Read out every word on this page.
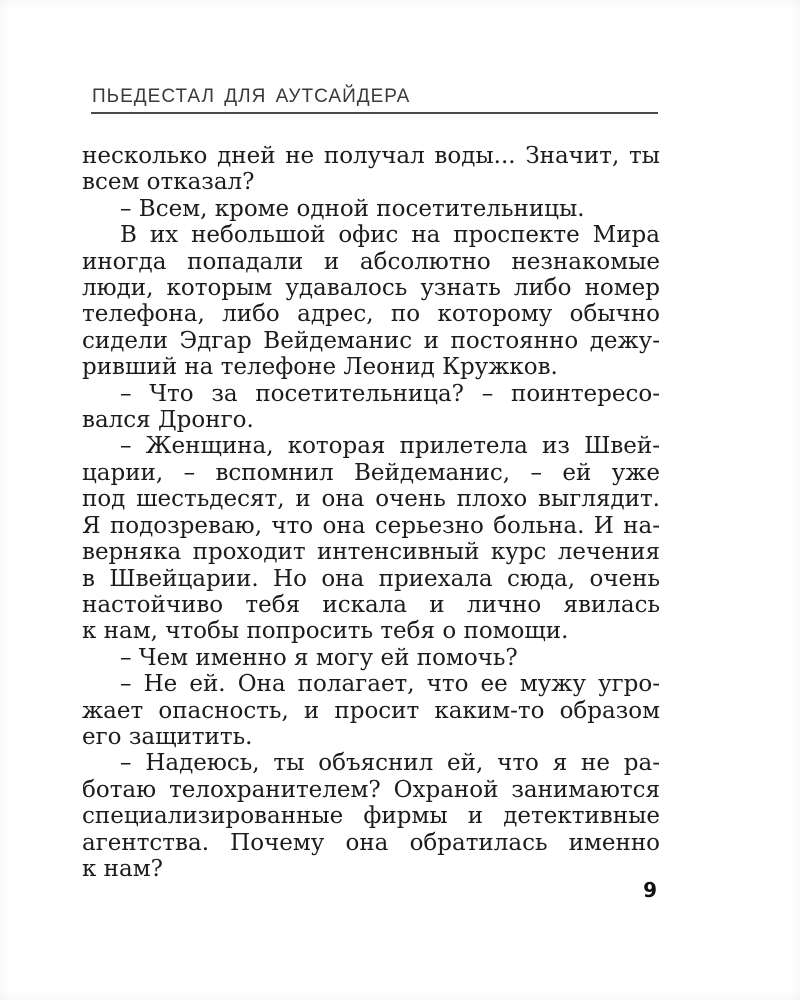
ПЬЕДЕСТАЛ ДЛЯ АУТСАЙДЕРА
несколько дней не получал воды... Значит, ты
всем отказал?
– Всем, кроме одной посетительницы.
В их небольшой офис на проспекте Мира
иногда попадали и абсолютно незнакомые
люди, которым удавалось узнать либо номер
телефона, либо адрес, по которому обычно
сидели Эдгар Вейдеманис и постоянно дежу-
ривший на телефоне Леонид Кружков.
– Что за посетительница? – поинтересо-
вался Дронго.
– Женщина, которая прилетела из Швей-
царии, – вспомнил Вейдеманис, – ей уже
под шестьдесят, и она очень плохо выглядит.
Я подозреваю, что она серьезно больна. И на-
верняка проходит интенсивный курс лечения
в Швейцарии. Но она приехала сюда, очень
настойчиво тебя искала и лично явилась
к нам, чтобы попросить тебя о помощи.
– Чем именно я могу ей помочь?
– Не ей. Она полагает, что ее мужу угро-
жает опасность, и просит каким-то образом
его защитить.
– Надеюсь, ты объяснил ей, что я не ра-
ботаю телохранителем? Охраной занимаются
специализированные фирмы и детективные
агентства. Почему она обратилась именно
к нам?
9
